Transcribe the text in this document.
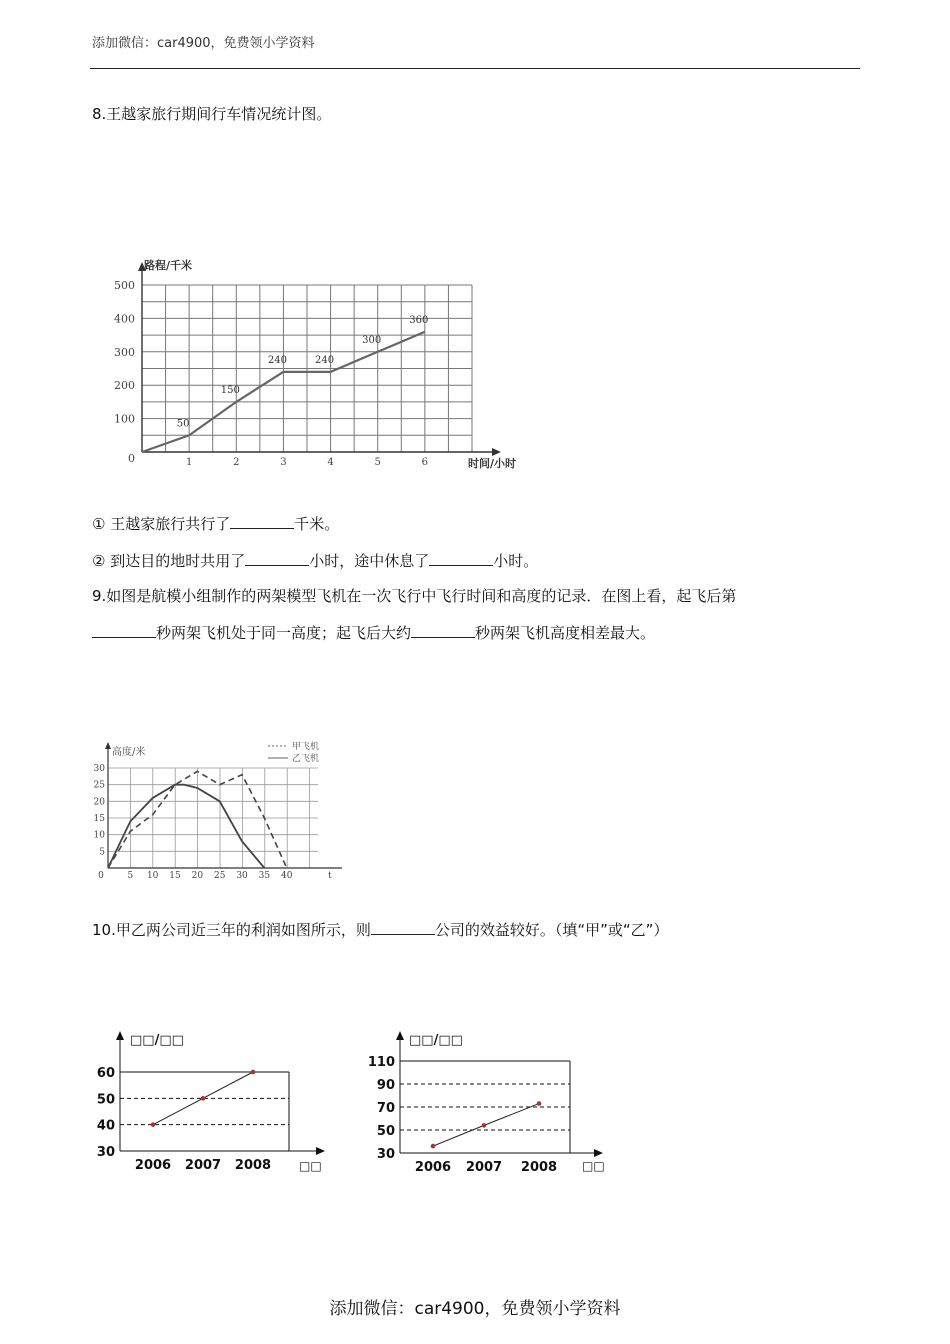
添加微信：car4900，免费领小学资料
8.王越家旅行期间行车情况统计图。
0
100
200
300
400
500
1	2	3	4	5	6
50
150
240	240
300
360
路程/千米
时间/小时
① 王越家旅行共行了	千米。
② 到达目的地时共用了	小时，途中休息了	小时。
9.如图是航模小组制作的两架模型飞机在一次飞行中飞行时间和高度的记录．在图上看，起飞后第
秒两架飞机处于同一高度；起飞后大约	秒两架飞机高度相差最大。
5
10
15
20
25
30
0	5 10 15 20 25 30 35 40
高度/米
t
甲飞机
乙飞机
10.甲乙两公司近三年的利润如图所示，则	公司的效益较好。（填“甲”或“乙”）
30
40
50
60
2006 2007 2008
□□/□□
□□
30
50
70
90
110
2006 2007 2008
□□/□□
□□
添加微信：car4900，免费领小学资料
